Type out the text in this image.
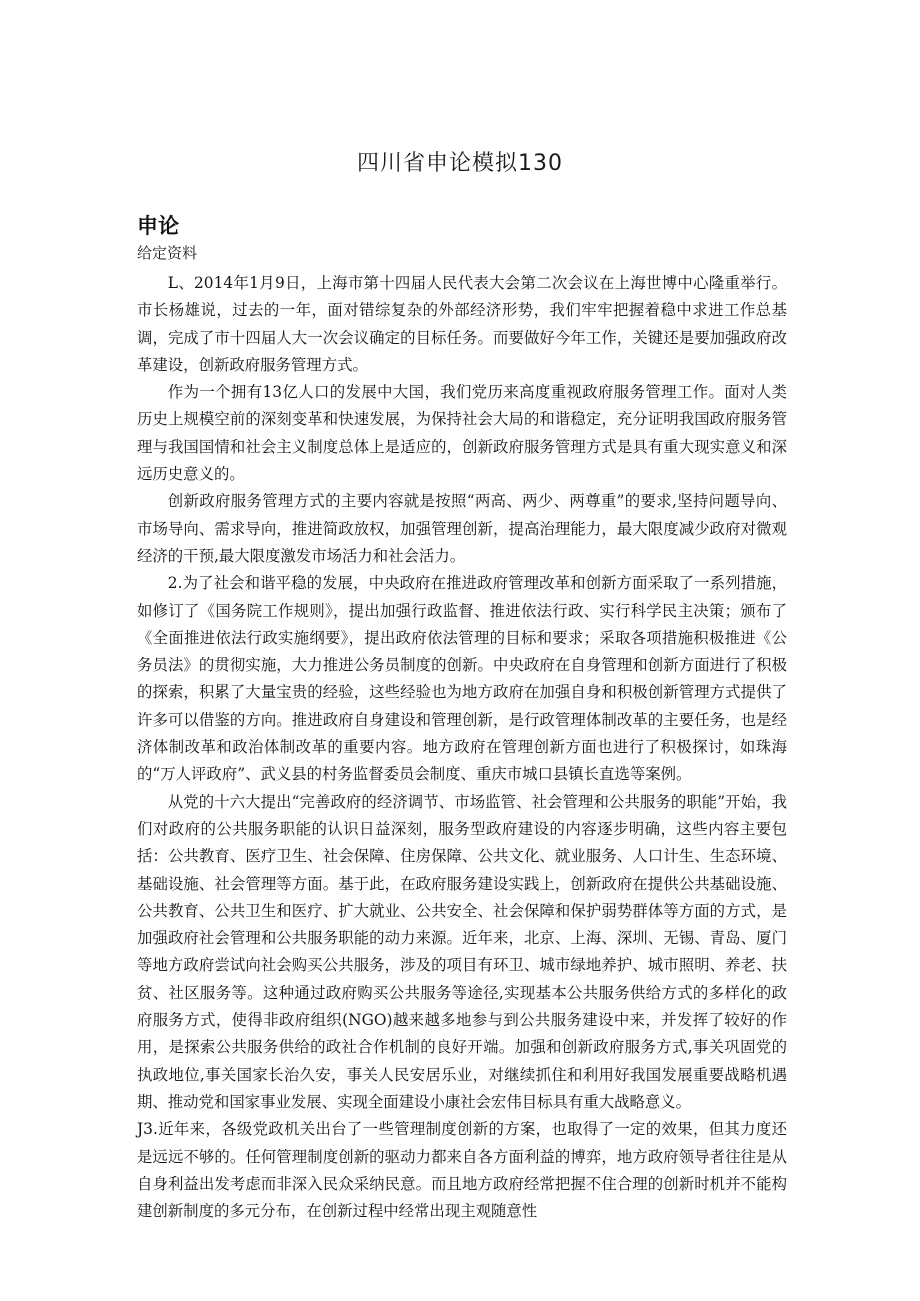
四川省申论模拟130
申论
给定资料

L、2014年1月9日，上海市第十四届人民代表大会第二次会议在上海世博中心隆重举行。市长杨雄说，过去的一年，面对错综复杂的外部经济形势，我们牢牢把握着稳中求进工作总基调，完成了市十四届人大一次会议确定的目标任务。而要做好今年工作，关键还是要加强政府改革建设，创新政府服务管理方式。

作为一个拥有13亿人口的发展中大国，我们党历来高度重视政府服务管理工作。面对人类历史上规模空前的深刻变革和快速发展，为保持社会大局的和谐稳定，充分证明我国政府服务管理与我国国情和社会主义制度总体上是适应的，创新政府服务管理方式是具有重大现实意义和深远历史意义的。

创新政府服务管理方式的主要内容就是按照“两高、两少、两尊重”的要求,坚持问题导向、市场导向、需求导向，推进简政放权，加强管理创新，提高治理能力，最大限度减少政府对微观经济的干预,最大限度激发市场活力和社会活力。

2.为了社会和谐平稳的发展，中央政府在推进政府管理改革和创新方面采取了一系列措施，如修订了《国务院工作规则》，提出加强行政监督、推进依法行政、实行科学民主决策；颁布了《全面推进依法行政实施纲要》，提出政府依法管理的目标和要求；采取各项措施积极推进《公务员法》的贯彻实施，大力推进公务员制度的创新。中央政府在自身管理和创新方面进行了积极的探索，积累了大量宝贵的经验，这些经验也为地方政府在加强自身和积极创新管理方式提供了许多可以借鉴的方向。推进政府自身建设和管理创新，是行政管理体制改革的主要任务，也是经济体制改革和政治体制改革的重要内容。地方政府在管理创新方面也进行了积极探讨，如珠海的“万人评政府”、武义县的村务监督委员会制度、重庆市城口县镇长直选等案例。

从党的十六大提出“完善政府的经济调节、市场监管、社会管理和公共服务的职能”开始，我们对政府的公共服务职能的认识日益深刻，服务型政府建设的内容逐步明确，这些内容主要包括：公共教育、医疗卫生、社会保障、住房保障、公共文化、就业服务、人口计生、生态环境、基础设施、社会管理等方面。基于此，在政府服务建设实践上，创新政府在提供公共基础设施、公共教育、公共卫生和医疗、扩大就业、公共安全、社会保障和保护弱势群体等方面的方式，是加强政府社会管理和公共服务职能的动力来源。近年来，北京、上海、深圳、无锡、青岛、厦门等地方政府尝试向社会购买公共服务，涉及的项目有环卫、城市绿地养护、城市照明、养老、扶贫、社区服务等。这种通过政府购买公共服务等途径,实现基本公共服务供给方式的多样化的政府服务方式，使得非政府组织(NGO)越来越多地参与到公共服务建设中来，并发挥了较好的作用，是探索公共服务供给的政社合作机制的良好开端。加强和创新政府服务方式,事关巩固党的执政地位,事关国家长治久安，事关人民安居乐业，对继续抓住和利用好我国发展重要战略机遇期、推动党和国家事业发展、实现全面建设小康社会宏伟目标具有重大战略意义。

J3.近年来，各级党政机关出台了一些管理制度创新的方案，也取得了一定的效果，但其力度还是远远不够的。任何管理制度创新的驱动力都来自各方面利益的博弈，地方政府领导者往往是从自身利益出发考虑而非深入民众采纳民意。而且地方政府经常把握不住合理的创新时机并不能构建创新制度的多元分布，在创新过程中经常出现主观随意性
